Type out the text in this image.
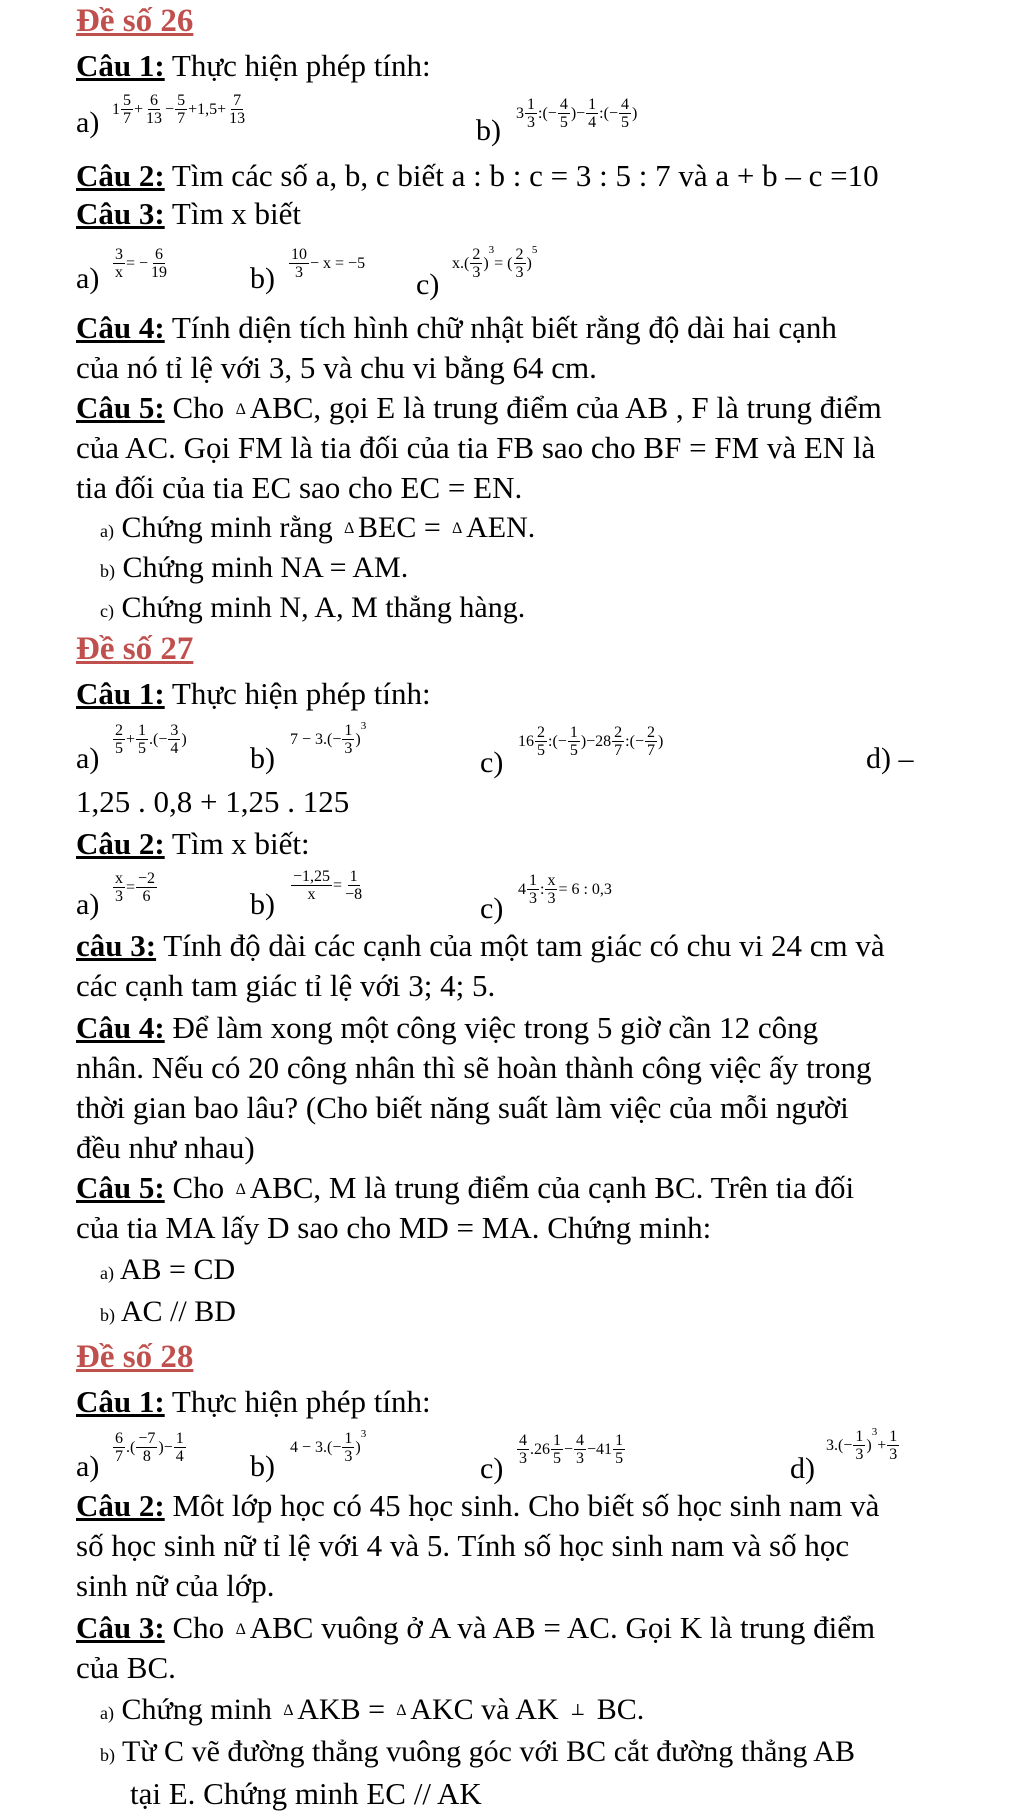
Đề số 26
Câu 1: Thực hiện phép tính:
a) $1 \frac{5}{7} + \frac{6}{13} - \frac{5}{7} +1,5+ \frac{7}{13}$
b)
$3 \frac{1}{3}$ :( − $\frac{4}{5}$ )− $\frac{1}{4}$ :( − $\frac{4}{5}$ )
Câu 2: Tìm các số a, b, c biết a : b : c = 3 : 5 : 7 và a + b – c =10
Câu 3: Tìm x biết
$a) \frac{3}{x}$ = − $\frac{6}{19}$	$b) \frac{10}{3} - x = -5$
c)
$x.( \frac{2}{3}$ )
3
= ( $\frac{2}{3}$ )
5
Câu 4: Tính diện tích hình chữ nhật biết rằng độ dài hai cạnh
của nó tỉ lệ với 3, 5 và chu vi bằng 64 cm.
Câu 5: Cho ∆ ABC, gọi E là trung điểm của AB , F là trung điểm
của AC. Gọi FM là tia đối của tia FB sao cho BF = FM và EN là
tia đối của tia EC sao cho EC = EN.
a) Chứng minh rằng ∆ BEC = ∆ AEN.
b) Chứng minh NA = AM.
c) Chứng minh N, A, M thẳng hàng.
Đề số 27
Câu 1: Thực hiện phép tính:
a)
$\frac{2}{5} + \frac{1}{5}$ .( − $\frac{3}{4}$ )
b)
$7 - 3.( - \frac{1}{3}$ )
3
c)
$16 \frac{2}{5}$ :( − $\frac{1}{5} )-28 \frac{2}{7}$ :( − $\frac{2}{7}$ )
d) –
1,25 . 0,8 + 1,25 . 125
Câu 2: Tìm x biết:
$a) \frac{x}{3} = \frac{-2}{6}$	b)
$\frac{-1,25}{x} = \frac{1}{-8}$
c)
$4 \frac{1}{3}$ : $\frac{x}{3} = 6$ : 0,3
câu 3: Tính độ dài các cạnh của một tam giác có chu vi 24 cm và
các cạnh tam giác tỉ lệ với 3; 4; 5.
Câu 4: Để làm xong một công việc trong 5 giờ cần 12 công
nhân. Nếu có 20 công nhân thì sẽ hoàn thành công việc ấy trong
thời gian bao lâu? (Cho biết năng suất làm việc của mỗi người
đều như nhau)
Câu 5: Cho ∆ ABC, M là trung điểm của cạnh BC. Trên tia đối
của tia MA lấy D sao cho MD = MA. Chứng minh:
a) AB = CD
b) AC // BD
Đề số 28
Câu 1: Thực hiện phép tính:
a)
$\frac{6}{7}$ .( $\frac{-7}{8}$ )− $\frac{1}{4}$
b)
$4 - 3.( - \frac{1}{3}$ )
3
c)
$\frac{4}{3} .26 \frac{1}{5} - \frac{4}{3} -41 \frac{1}{5}$
d)
$3.( - \frac{1}{3}$ )
3
+ $\frac{1}{3}$
Câu 2: Môt lớp học có 45 học sinh. Cho biết số học sinh nam và
số học sinh nữ tỉ lệ với 4 và 5. Tính số học sinh nam và số học
sinh nữ của lớp.
Câu 3: Cho ∆ ABC vuông ở A và AB = AC. Gọi K là trung điểm
của BC.
a) Chứng minh ∆ AKB = ∆ AKC và AK ⊥ BC.
b) Từ C vẽ đường thẳng vuông góc với BC cắt đường thẳng AB
tại E. Chứng minh EC // AK
